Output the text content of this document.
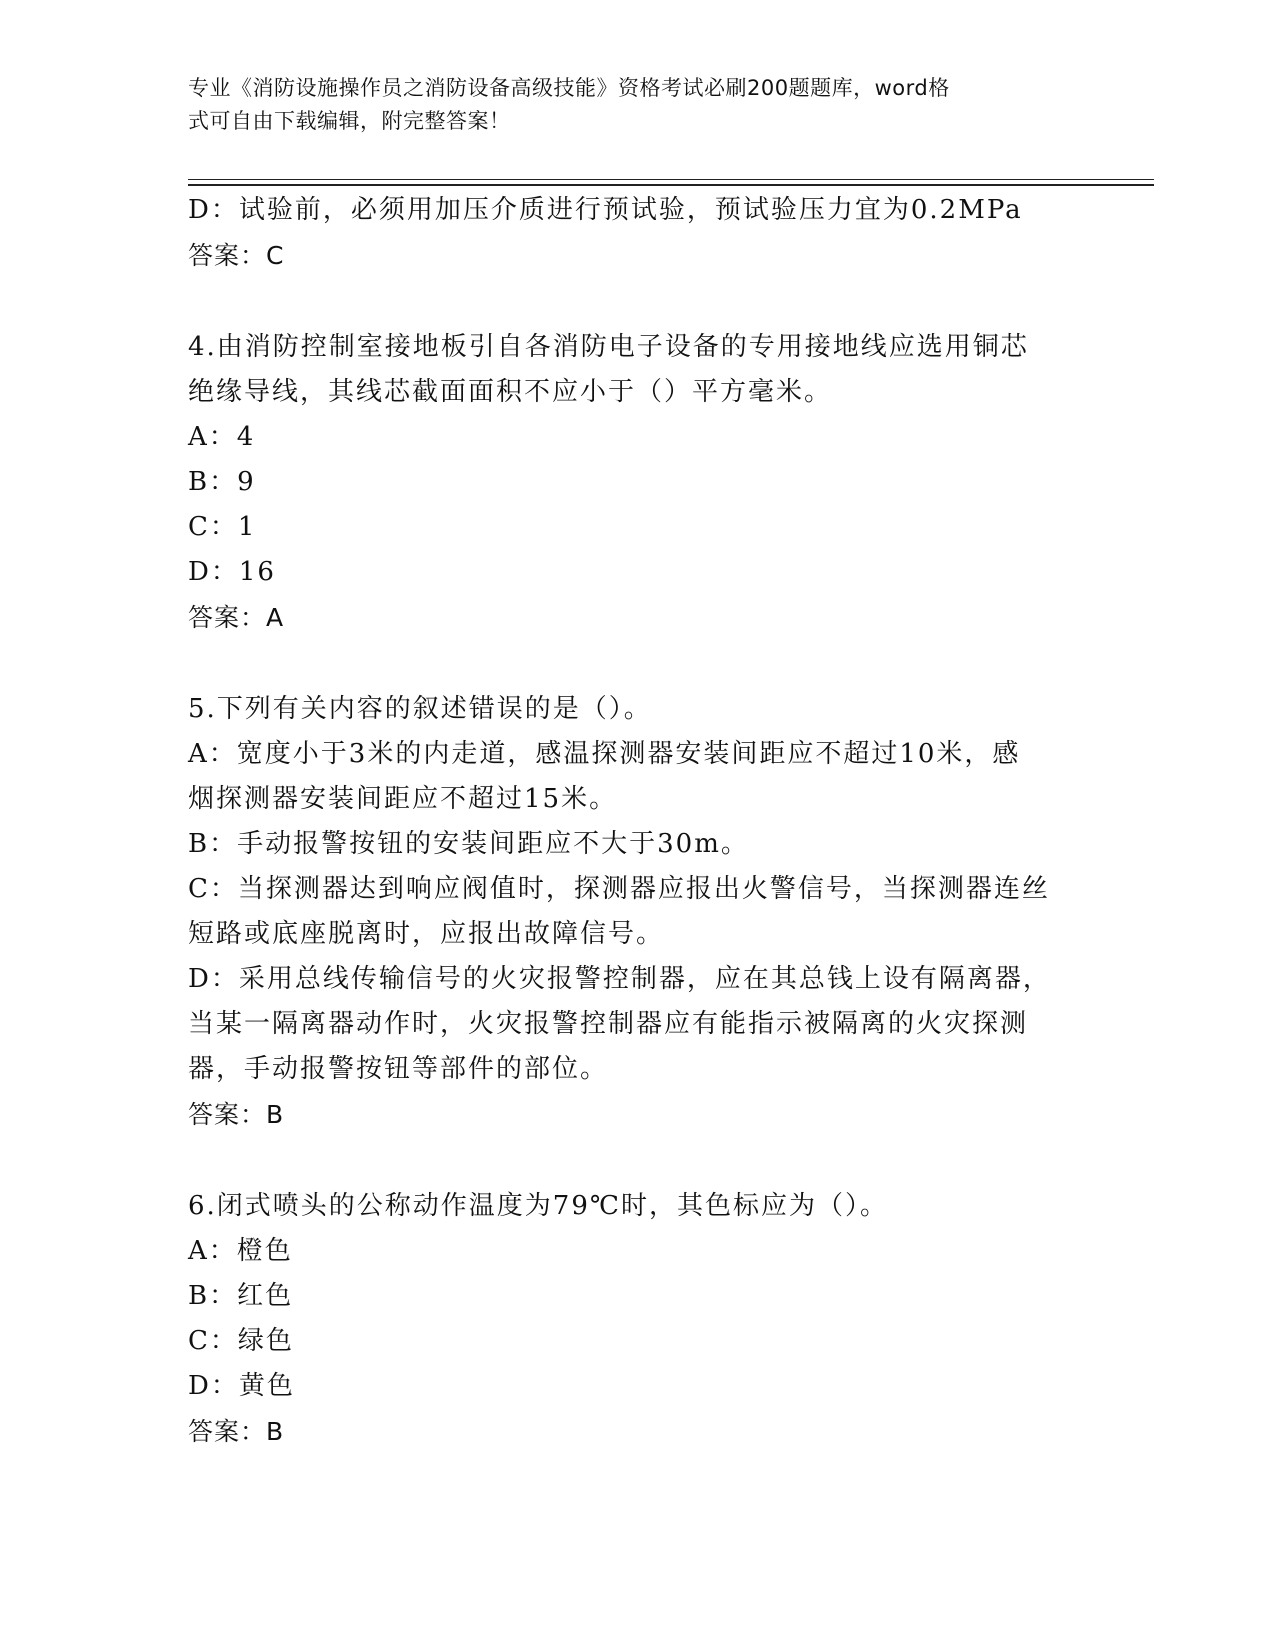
专业《消防设施操作员之消防设备高级技能》资格考试必刷200题题库，word格
式可自由下载编辑，附完整答案！
D：试验前，必须用加压介质进行预试验，预试验压力宜为0.2MPa
答案：C
4.由消防控制室接地板引自各消防电子设备的专用接地线应选用铜芯
绝缘导线，其线芯截面面积不应小于（）平方毫米。
A：4
B：9
C：1
D：16
答案：A
5.下列有关内容的叙述错误的是（）。
A：宽度小于3米的内走道，感温探测器安装间距应不超过10米，感
烟探测器安装间距应不超过15米。
B：手动报警按钮的安装间距应不大于30m。
C：当探测器达到响应阀值时，探测器应报出火警信号，当探测器连丝
短路或底座脱离时，应报出故障信号。
D：采用总线传输信号的火灾报警控制器，应在其总钱上设有隔离器，
当某一隔离器动作时，火灾报警控制器应有能指示被隔离的火灾探测
器，手动报警按钮等部件的部位。
答案：B
6.闭式喷头的公称动作温度为79℃时，其色标应为（）。
A：橙色
B：红色
C：绿色
D：黄色
答案：B
